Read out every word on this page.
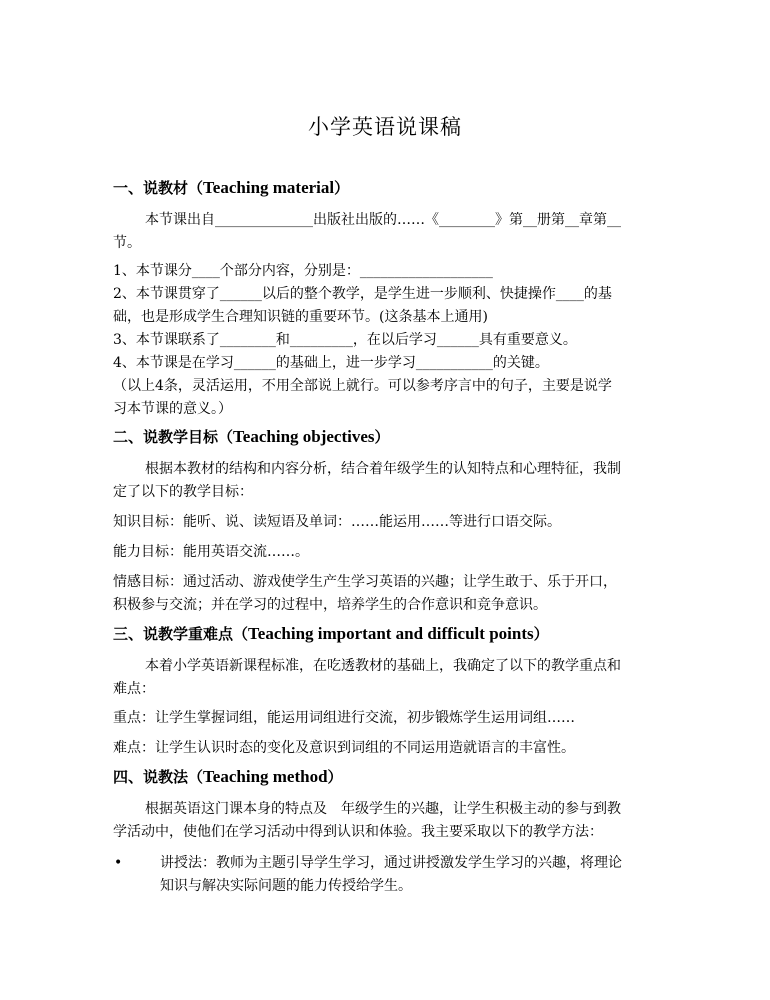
小学英语说课稿
一、说教材（Teaching material）
本节课出自______________出版社出版的……《________》第__册第__章第__
节。
1、本节课分____个部分内容，分别是：___________________
2、本节课贯穿了______以后的整个教学，是学生进一步顺利、快捷操作____的基
础，也是形成学生合理知识链的重要环节。(这条基本上通用)
3、本节课联系了________和_________，在以后学习______具有重要意义。
4、本节课是在学习______的基础上，进一步学习___________的关键。
（以上4条，灵活运用，不用全部说上就行。可以参考序言中的句子，主要是说学
习本节课的意义。）
二、说教学目标（Teaching objectives）
根据本教材的结构和内容分析，结合着年级学生的认知特点和心理特征，我制
定了以下的教学目标：
知识目标：能听、说、读短语及单词：……能运用……等进行口语交际。
能力目标：能用英语交流……。
情感目标：通过活动、游戏使学生产生学习英语的兴趣；让学生敢于、乐于开口，
积极参与交流；并在学习的过程中，培养学生的合作意识和竞争意识。
三、说教学重难点（Teaching important and difficult points）
本着小学英语新课程标准，在吃透教材的基础上，我确定了以下的教学重点和
难点：
重点：让学生掌握词组，能运用词组进行交流，初步锻炼学生运用词组……
难点：让学生认识时态的变化及意识到词组的不同运用造就语言的丰富性。
四、说教法（Teaching method）
根据英语这门课本身的特点及　年级学生的兴趣，让学生积极主动的参与到教
学活动中，使他们在学习活动中得到认识和体验。我主要采取以下的教学方法：
•	讲授法：教师为主题引导学生学习，通过讲授激发学生学习的兴趣，将理论
知识与解决实际问题的能力传授给学生。
